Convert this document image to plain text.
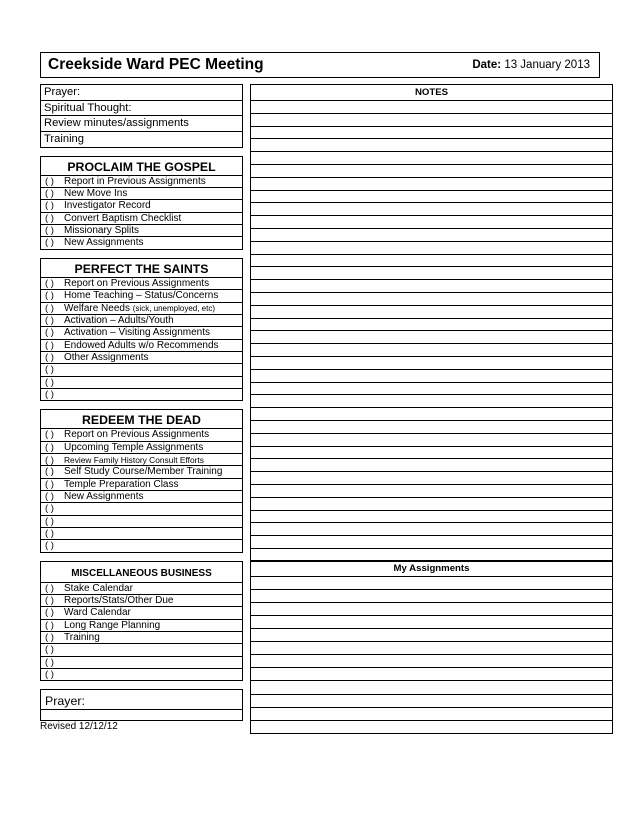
Creekside Ward PEC Meeting	Date: 13 January 2013
Prayer:
Spiritual Thought:
Review minutes/assignments
Training
PROCLAIM THE GOSPEL
( ) Report in Previous Assignments
( ) New Move Ins
( ) Investigator Record
( ) Convert Baptism Checklist
( ) Missionary Splits
( ) New Assignments
PERFECT THE SAINTS
( ) Report on Previous Assignments
( ) Home Teaching – Status/Concerns
( ) Welfare Needs (sick, unemployed, etc)
( ) Activation – Adults/Youth
( ) Activation – Visiting Assignments
( ) Endowed Adults w/o Recommends
( ) Other Assignments
( )
( )
( )
REDEEM THE DEAD
( ) Report on Previous Assignments
( ) Upcoming Temple Assignments
( ) Review Family History Consult Efforts
( ) Self Study Course/Member Training
( ) Temple Preparation Class
( ) New Assignments
( )
( )
( )
( )
MISCELLANEOUS BUSINESS
( ) Stake Calendar
( ) Reports/Stats/Other Due
( ) Ward Calendar
( ) Long Range Planning
( ) Training
( )
( )
( )
Prayer:
NOTES
My Assignments
Revised 12/12/12
